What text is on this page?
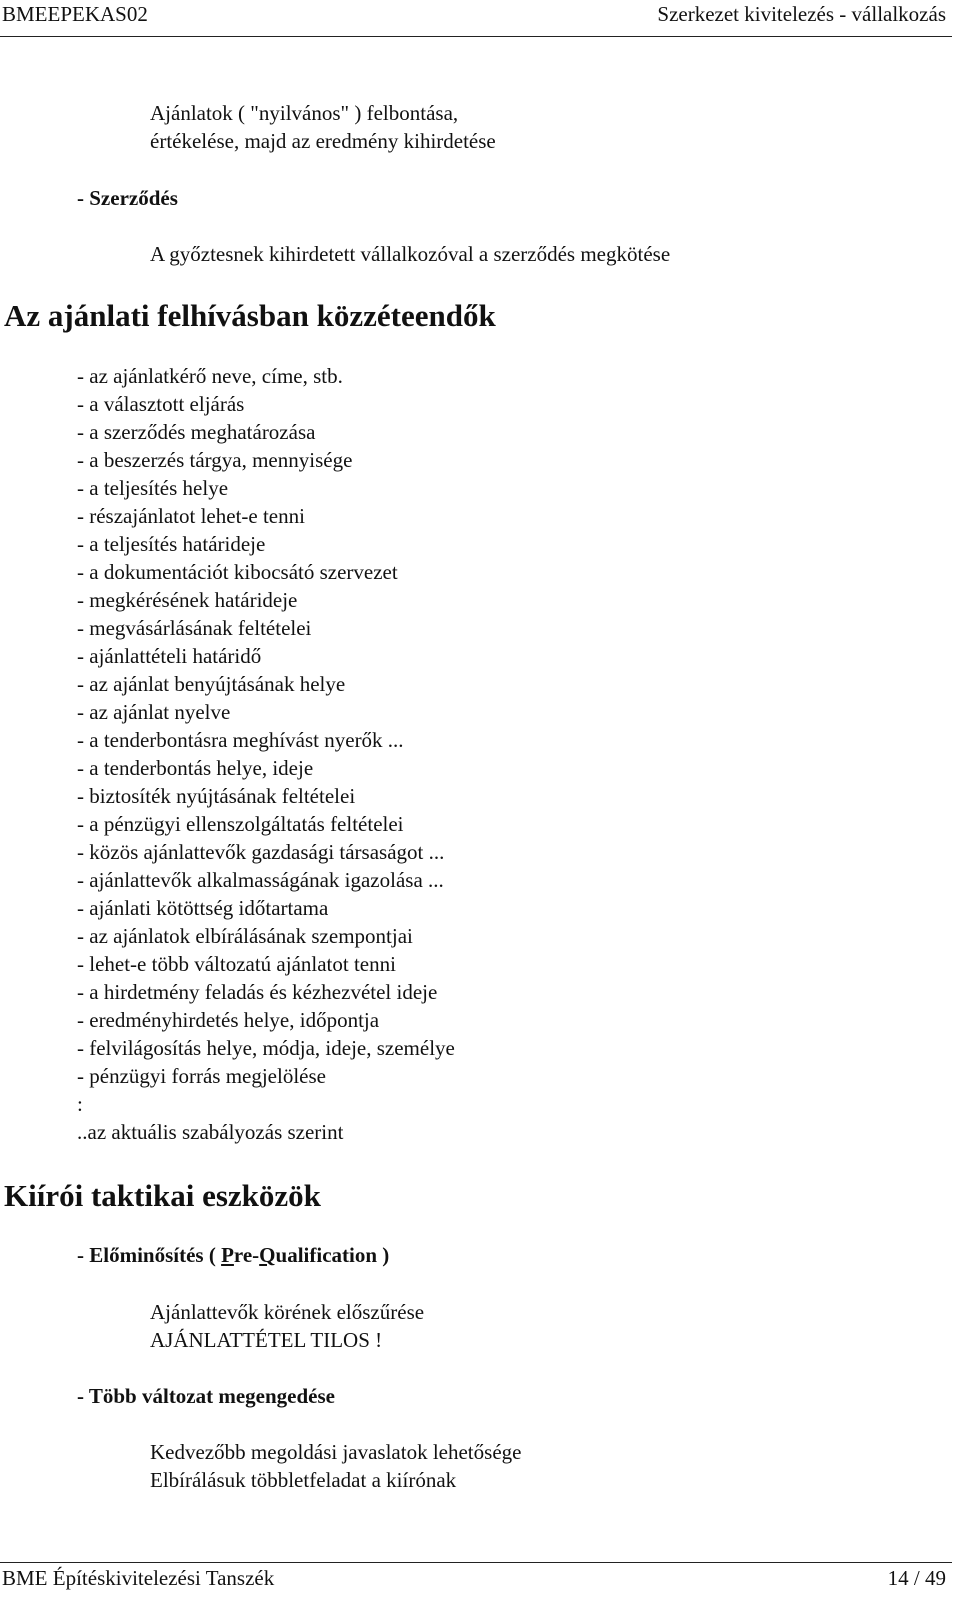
BMEEPEKAS02	Szerkezet kivitelezés - vállalkozás
Ajánlatok ( "nyilvános" ) felbontása,
értékelése, majd az eredmény kihirdetése
- Szerződés
A győztesnek kihirdetett vállalkozóval a szerződés megkötése
Az ajánlati felhívásban közzéteendők
- az ajánlatkérő neve, címe, stb.
- a választott eljárás
- a szerződés meghatározása
- a beszerzés tárgya, mennyisége
- a teljesítés helye
- részajánlatot lehet-e tenni
- a teljesítés határideje
- a dokumentációt kibocsátó szervezet
- megkérésének határideje
- megvásárlásának feltételei
- ajánlattételi határidő
- az ajánlat benyújtásának helye
- az ajánlat nyelve
- a tenderbontásra meghívást nyerők ...
- a tenderbontás helye, ideje
- biztosíték nyújtásának feltételei
- a pénzügyi ellenszolgáltatás feltételei
- közös ajánlattevők gazdasági társaságot ...
- ajánlattevők alkalmasságának igazolása ...
- ajánlati kötöttség időtartama
- az ajánlatok elbírálásának szempontjai
- lehet-e több változatú ajánlatot tenni
- a hirdetmény feladás és kézhezvétel ideje
- eredményhirdetés helye, időpontja
- felvilágosítás helye, módja, ideje, személye
- pénzügyi forrás megjelölése
:
..az aktuális szabályozás szerint
Kiírói taktikai eszközök
- Előminősítés ( Pre-Qualification )
Ajánlattevők körének előszűrése
AJÁNLATTÉTEL TILOS !
- Több változat megengedése
Kedvezőbb megoldási javaslatok lehetősége
Elbírálásuk többletfeladat a kiírónak
BME Építéskivitelezési Tanszék	14 / 49
